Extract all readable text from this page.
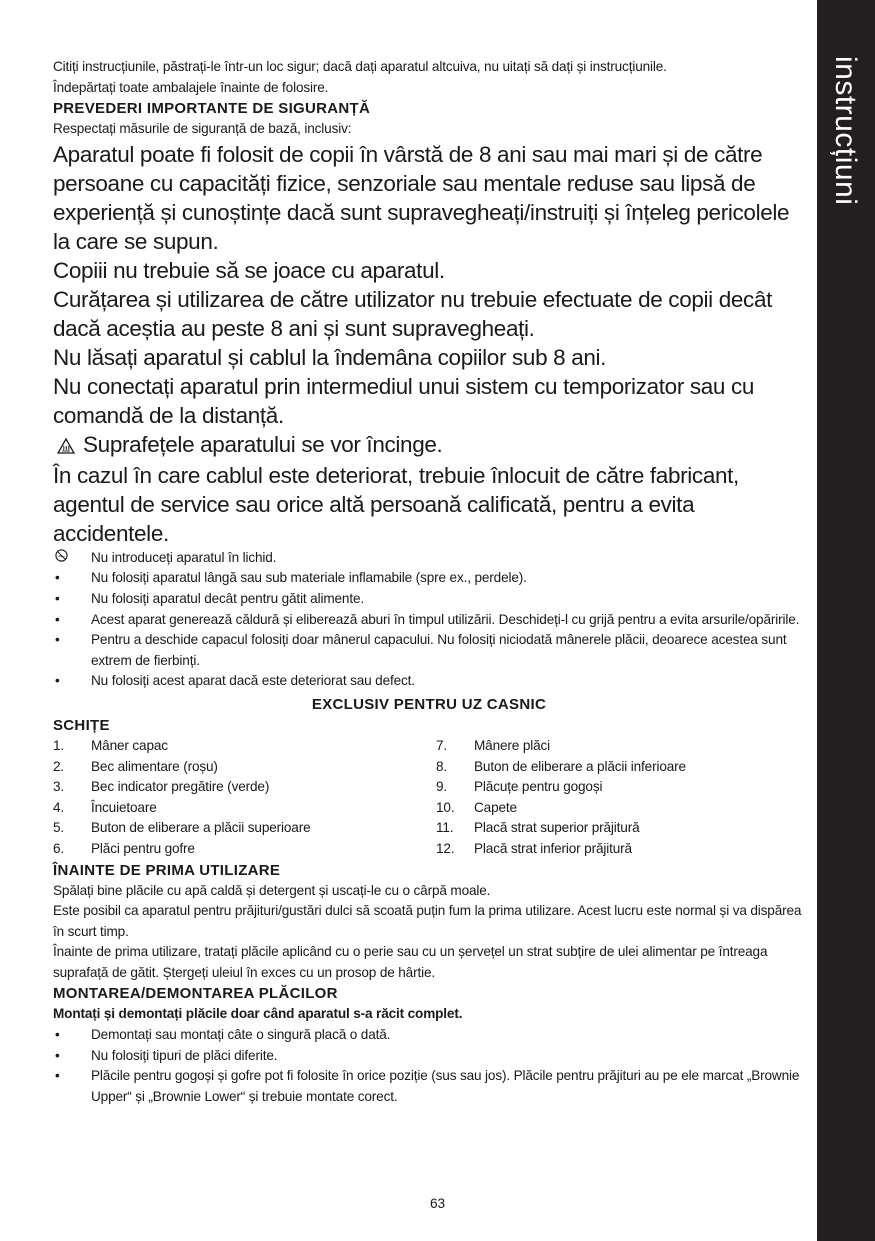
instrucțiuni

Citiți instrucțiunile, păstrați-le într-un loc sigur; dacă dați aparatul altcuiva, nu uitați să dați și instrucțiunile.

Îndepărtați toate ambalajele înainte de folosire.

PREVEDERI IMPORTANTE DE SIGURANȚĂ

Respectați măsurile de siguranță de bază, inclusiv:

Aparatul poate fi folosit de copii în vârstă de 8 ani sau mai mari și de către persoane cu capacități fizice, senzoriale sau mentale reduse sau lipsă de experiență și cunoștințe dacă sunt supravegheați/instruiți și înțeleg pericolele la care se supun.

Copiii nu trebuie să se joace cu aparatul.

Curățarea și utilizarea de către utilizator nu trebuie efectuate de copii decât dacă aceștia au peste 8 ani și sunt supravegheați.

Nu lăsați aparatul și cablul la îndemâna copiilor sub 8 ani.

Nu conectați aparatul prin intermediul unui sistem cu temporizator sau cu comandă de la distanță.

Suprafețele aparatului se vor încinge.

În cazul în care cablul este deteriorat, trebuie înlocuit de către fabricant, agentul de service sau orice altă persoană calificată, pentru a evita accidentele.

Nu introduceți aparatul în lichid.
•	Nu folosiți aparatul lângă sau sub materiale inflamabile (spre ex., perdele).
•	Nu folosiți aparatul decât pentru gătit alimente.
•	Acest aparat generează căldură și eliberează aburi în timpul utilizării. Deschideți-l cu grijă pentru a evita arsurile/opăririle.
•	Pentru a deschide capacul folosiți doar mânerul capacului. Nu folosiți niciodată mânerele plăcii, deoarece acestea sunt extrem de fierbinți.
•	Nu folosiți acest aparat dacă este deteriorat sau defect.

EXCLUSIV PENTRU UZ CASNIC

SCHIȚE

1. Mâner capac
2. Bec alimentare (roșu)
3. Bec indicator pregătire (verde)
4. Încuietoare
5. Buton de eliberare a plăcii superioare
6. Plăci pentru gofre
7. Mânere plăci
8. Buton de eliberare a plăcii inferioare
9. Plăcuțe pentru gogoși
10. Capete
11. Placă strat superior prăjitură
12. Placă strat inferior prăjitură

ÎNAINTE DE PRIMA UTILIZARE

Spălați bine plăcile cu apă caldă și detergent și uscați-le cu o cârpă moale.

Este posibil ca aparatul pentru prăjituri/gustări dulci să scoată puțin fum la prima utilizare. Acest lucru este normal și va dispărea în scurt timp.

Înainte de prima utilizare, tratați plăcile aplicând cu o perie sau cu un șervețel un strat subțire de ulei alimentar pe întreaga suprafață de gătit. Ștergeți uleiul în exces cu un prosop de hârtie.

MONTAREA/DEMONTAREA PLĂCILOR

Montați și demontați plăcile doar când aparatul s-a răcit complet.

•	Demontați sau montați câte o singură placă o dată.
•	Nu folosiți tipuri de plăci diferite.
•	Plăcile pentru gogoși și gofre pot fi folosite în orice poziție (sus sau jos). Plăcile pentru prăjituri au pe ele marcat „Brownie Upper“ și „Brownie Lower“ și trebuie montate corect.
63
